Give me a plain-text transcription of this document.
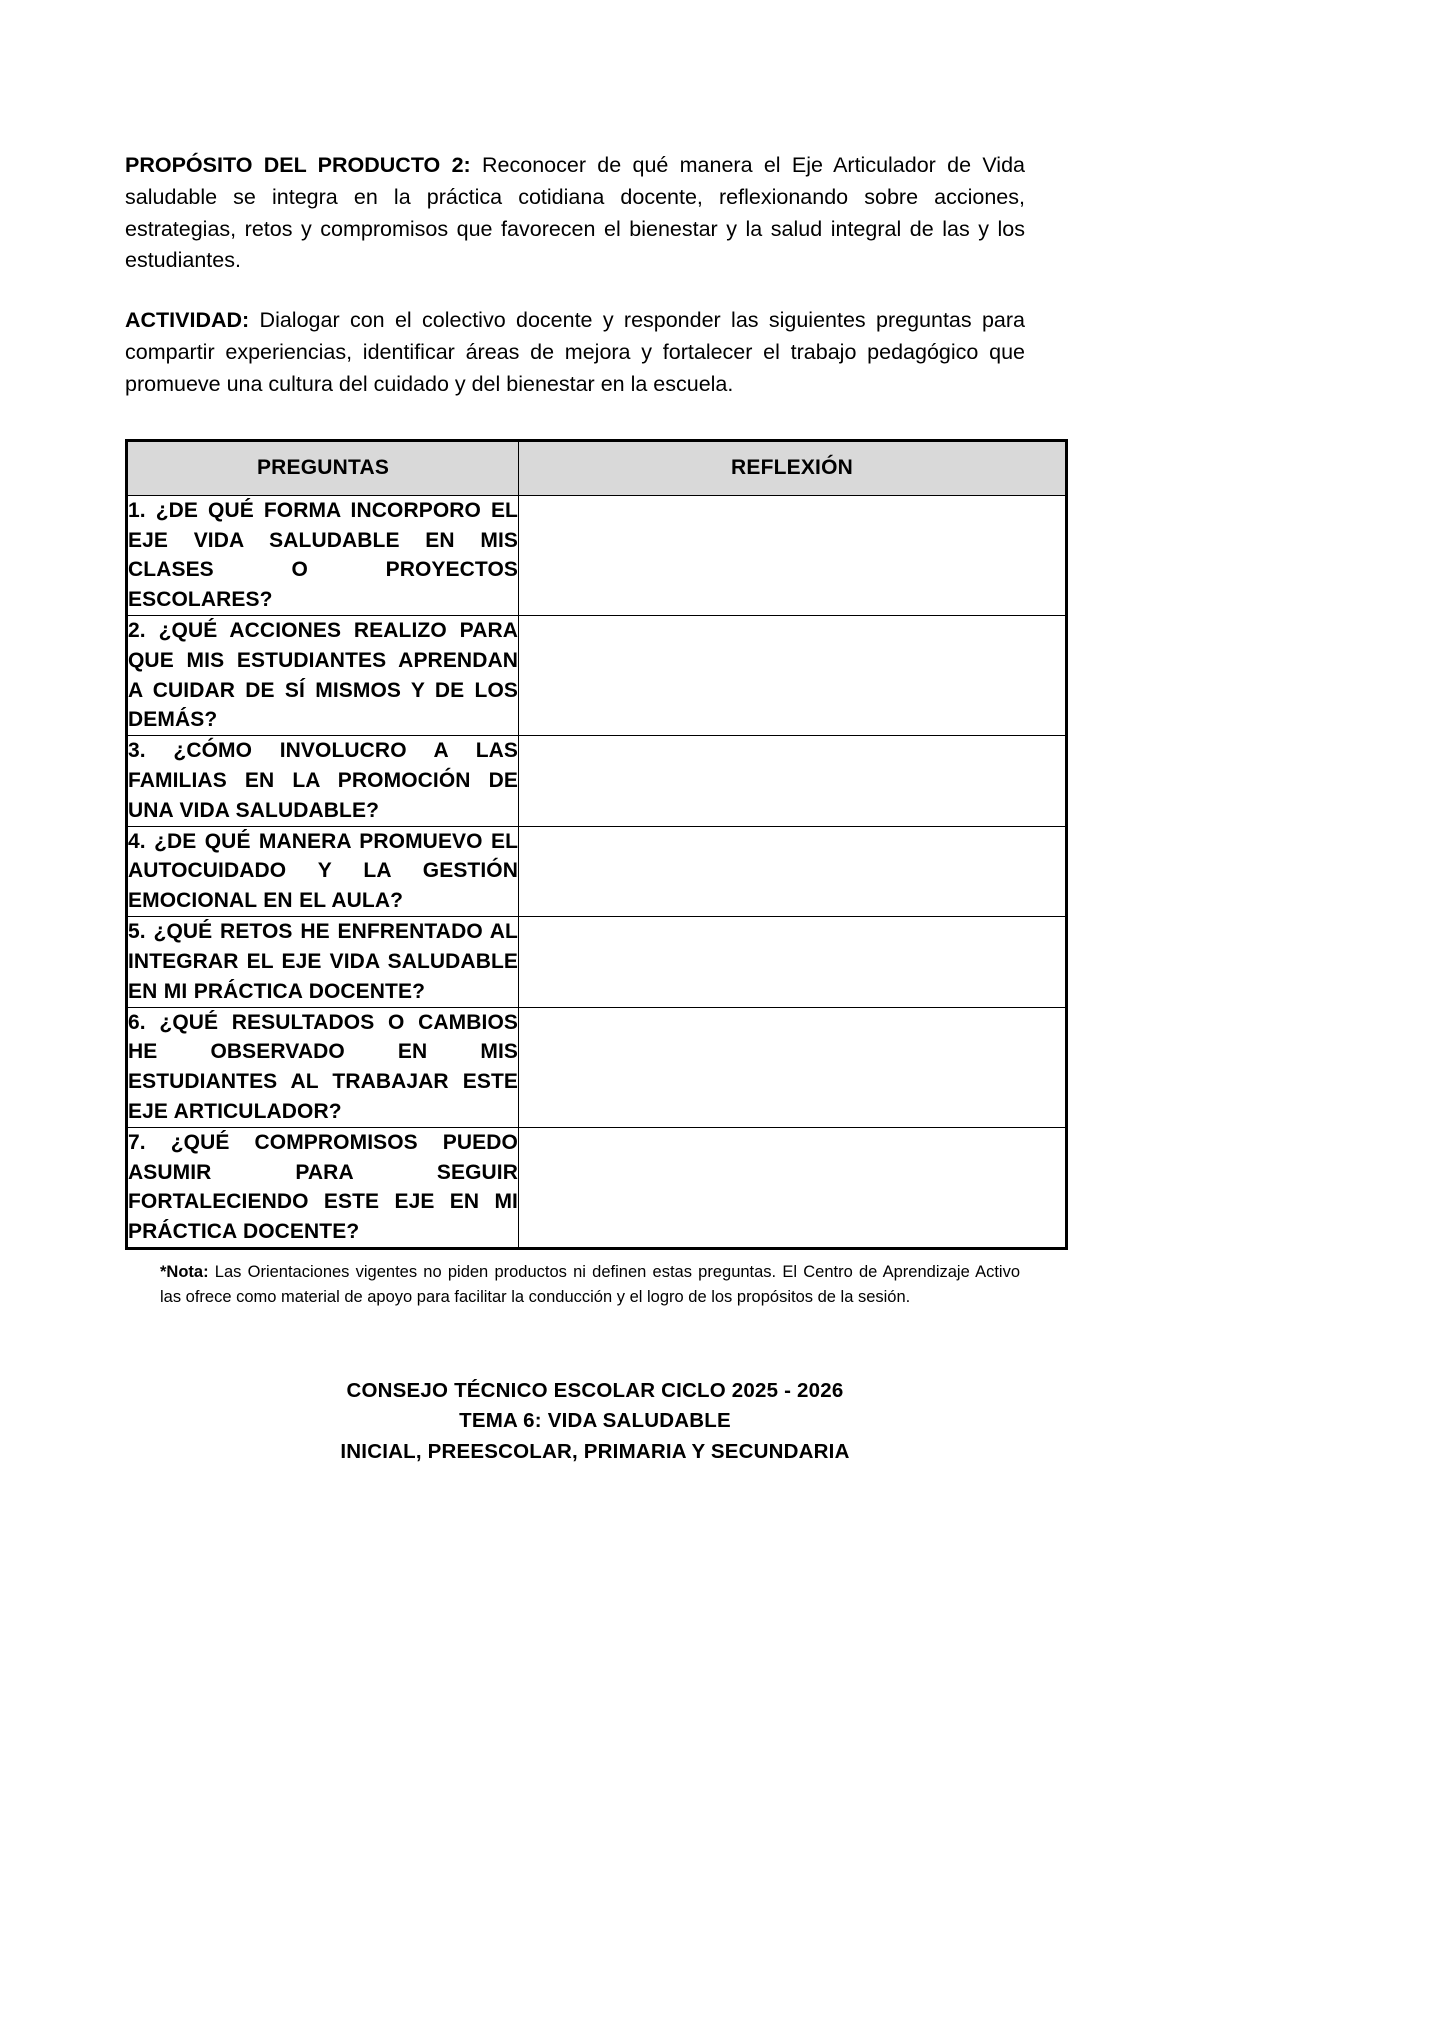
PROPÓSITO DEL PRODUCTO 2: Reconocer de qué manera el Eje Articulador de Vida saludable se integra en la práctica cotidiana docente, reflexionando sobre acciones, estrategias, retos y compromisos que favorecen el bienestar y la salud integral de las y los estudiantes.

ACTIVIDAD: Dialogar con el colectivo docente y responder las siguientes preguntas para compartir experiencias, identificar áreas de mejora y fortalecer el trabajo pedagógico que promueve una cultura del cuidado y del bienestar en la escuela.

PREGUNTAS	REFLEXIÓN
1. ¿DE QUÉ FORMA INCORPORO EL EJE VIDA SALUDABLE EN MIS CLASES O PROYECTOS ESCOLARES?	
2. ¿QUÉ ACCIONES REALIZO PARA QUE MIS ESTUDIANTES APRENDAN A CUIDAR DE SÍ MISMOS Y DE LOS DEMÁS?	
3. ¿CÓMO INVOLUCRO A LAS FAMILIAS EN LA PROMOCIÓN DE UNA VIDA SALUDABLE?	
4. ¿DE QUÉ MANERA PROMUEVO EL AUTOCUIDADO Y LA GESTIÓN EMOCIONAL EN EL AULA?	
5. ¿QUÉ RETOS HE ENFRENTADO AL INTEGRAR EL EJE VIDA SALUDABLE EN MI PRÁCTICA DOCENTE?	
6. ¿QUÉ RESULTADOS O CAMBIOS HE OBSERVADO EN MIS ESTUDIANTES AL TRABAJAR ESTE EJE ARTICULADOR?	
7. ¿QUÉ COMPROMISOS PUEDO ASUMIR PARA SEGUIR FORTALECIENDO ESTE EJE EN MI PRÁCTICA DOCENTE?	
*Nota: Las Orientaciones vigentes no piden productos ni definen estas preguntas. El Centro de Aprendizaje Activo las ofrece como material de apoyo para facilitar la conducción y el logro de los propósitos de la sesión.
CONSEJO TÉCNICO ESCOLAR CICLO 2025 - 2026
TEMA 6: VIDA SALUDABLE
INICIAL, PREESCOLAR, PRIMARIA Y SECUNDARIA
